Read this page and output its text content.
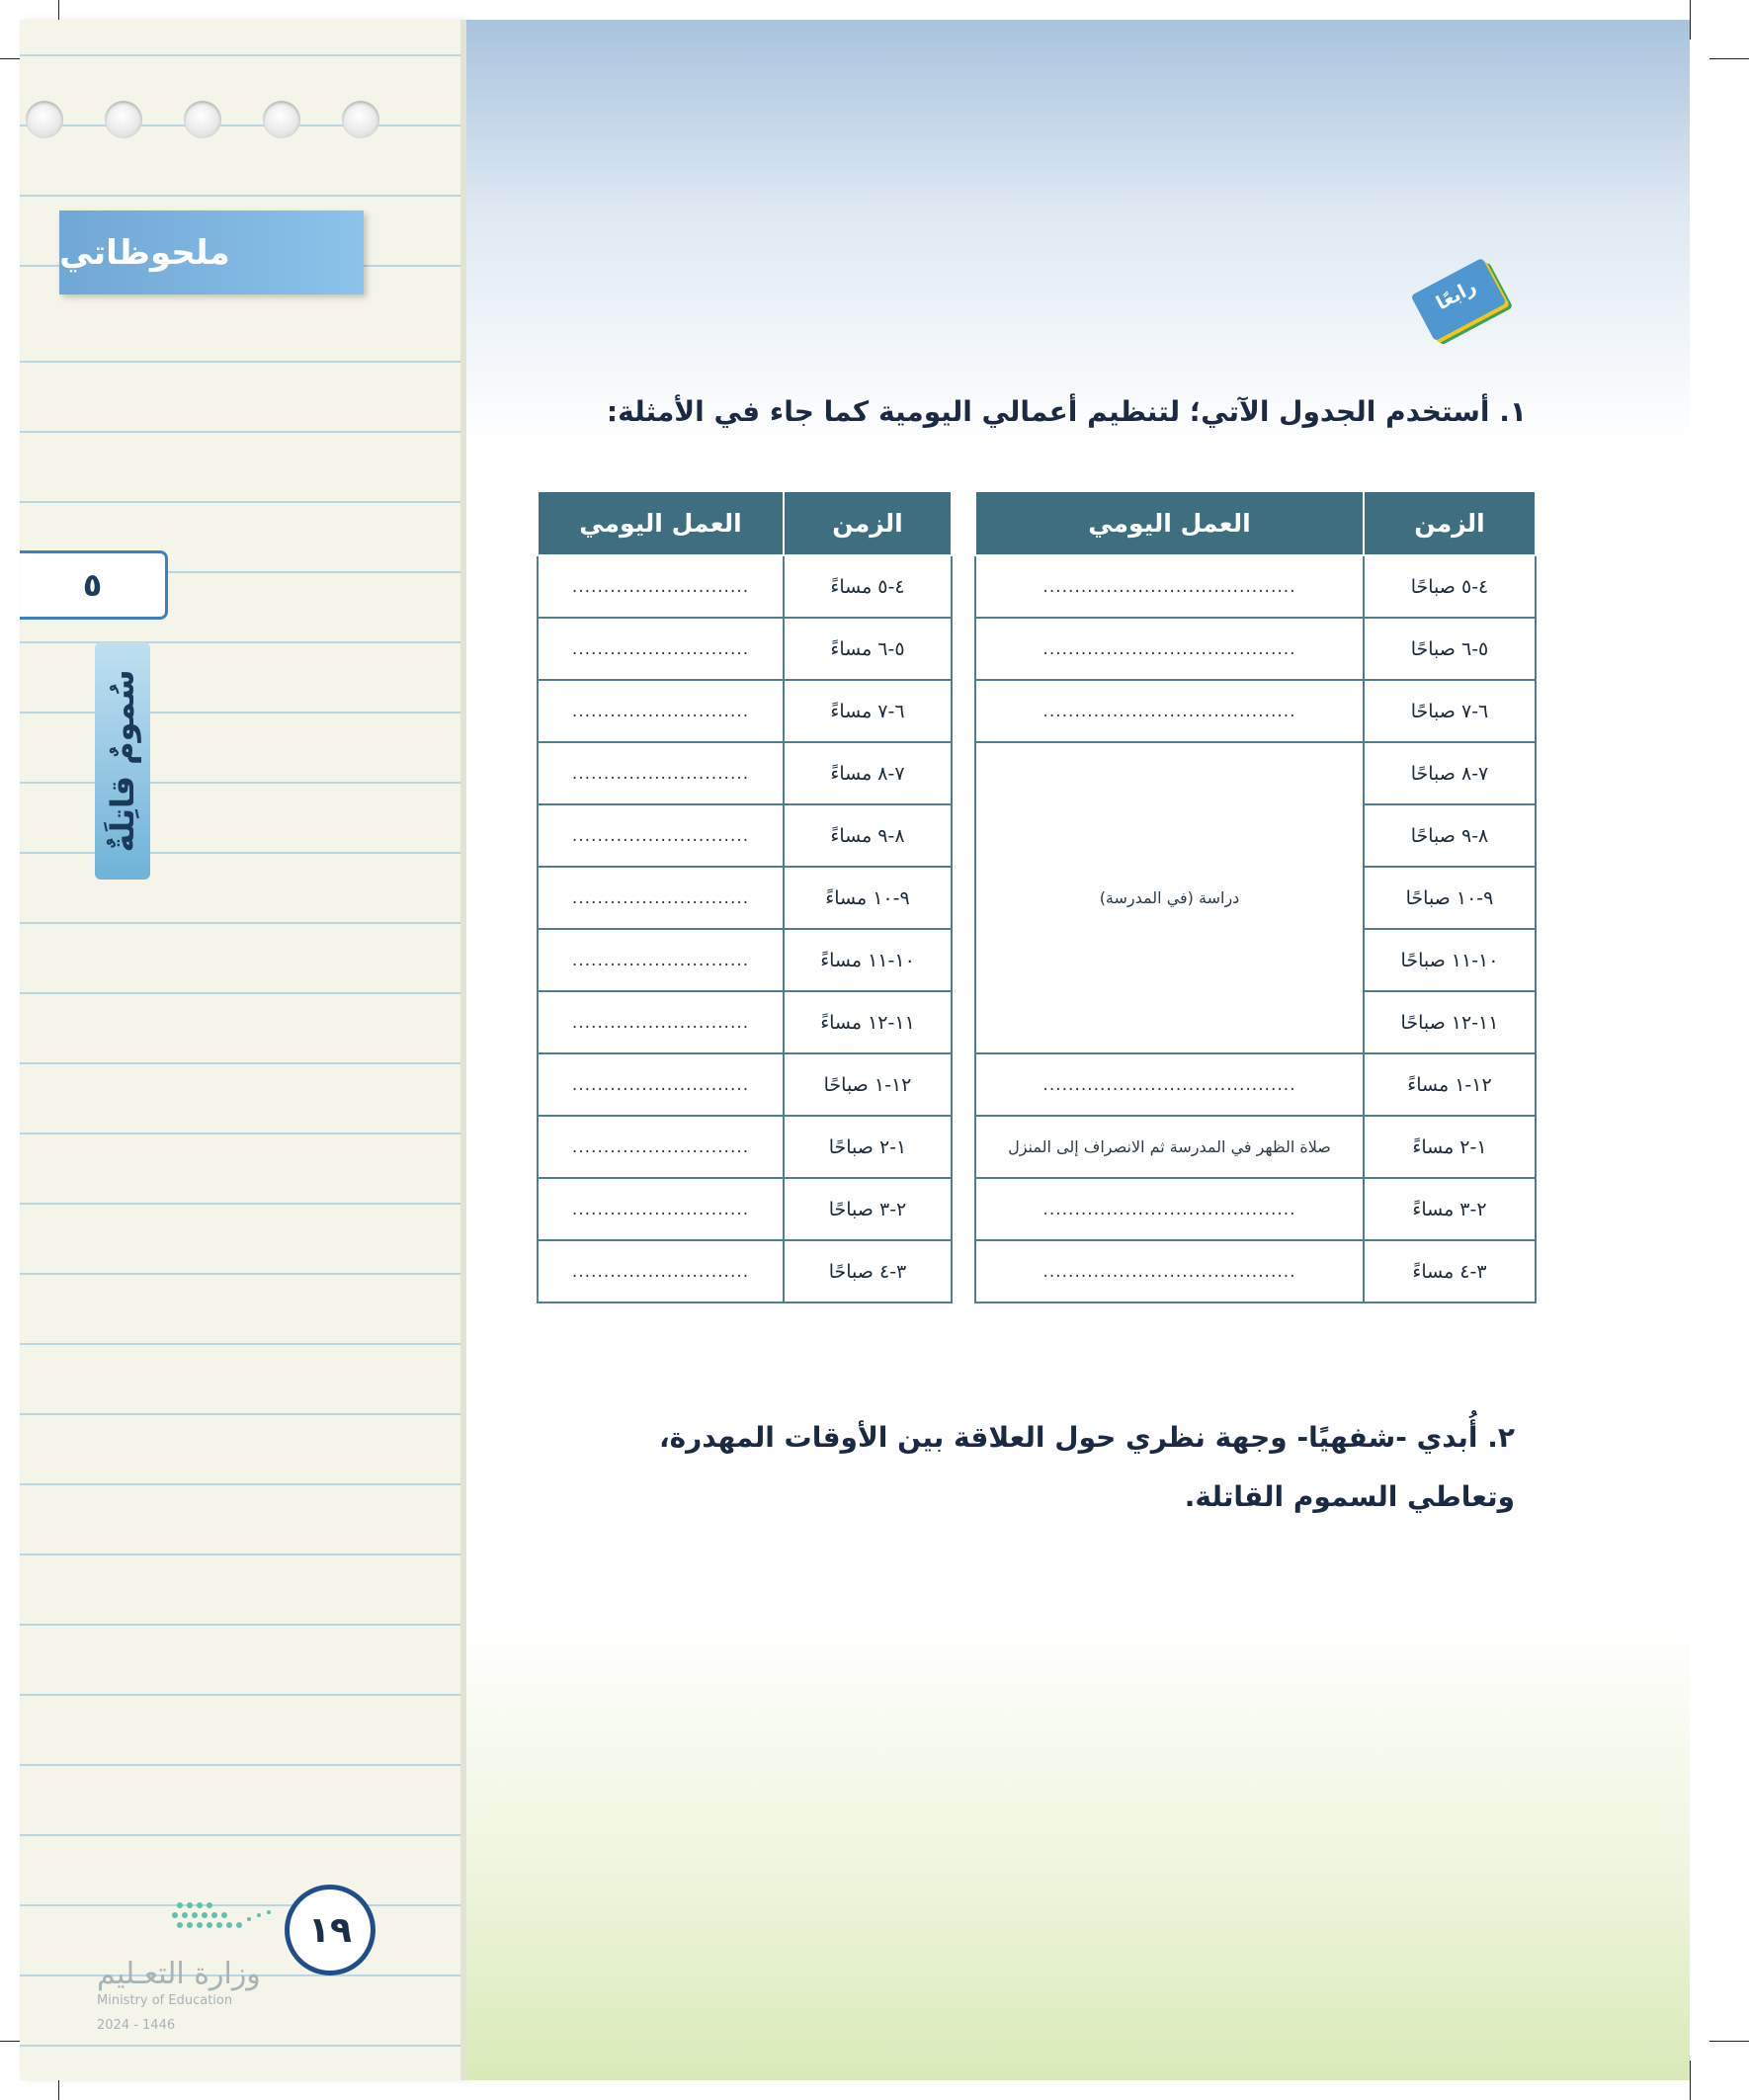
ملحوظاتي
٥
سُمومٌ قاتِلَةٌ
١٩
وزارة التعـليم
Ministry of Education
2024 - 1446
رابعًا
١. أستخدم الجدول الآتي؛ لتنظيم أعمالي اليومية كما جاء في الأمثلة:
الزمن	العمل اليومي
٤-٥ صباحًا	........................................
٥-٦ صباحًا	........................................
٦-٧ صباحًا	........................................
٧-٨ صباحًا	دراسة (في المدرسة)
٨-٩ صباحًا	
٩-١٠ صباحًا	
١٠-١١ صباحًا	
١١-١٢ صباحًا	
١٢-١ مساءً	........................................
١-٢ مساءً	صلاة الظهر في المدرسة ثم الانصراف إلى المنزل
٢-٣ مساءً	........................................
٣-٤ مساءً	........................................
الزمن	العمل اليومي
٤-٥ مساءً	............................
٥-٦ مساءً	............................
٦-٧ مساءً	............................
٧-٨ مساءً	............................
٨-٩ مساءً	............................
٩-١٠ مساءً	............................
١٠-١١ مساءً	............................
١١-١٢ مساءً	............................
١٢-١ صباحًا	............................
١-٢ صباحًا	............................
٢-٣ صباحًا	............................
٣-٤ صباحًا	............................
٢. أُبدي -شفهيًا- وجهة نظري حول العلاقة بين الأوقات المهدرة، وتعاطي السموم القاتلة.
